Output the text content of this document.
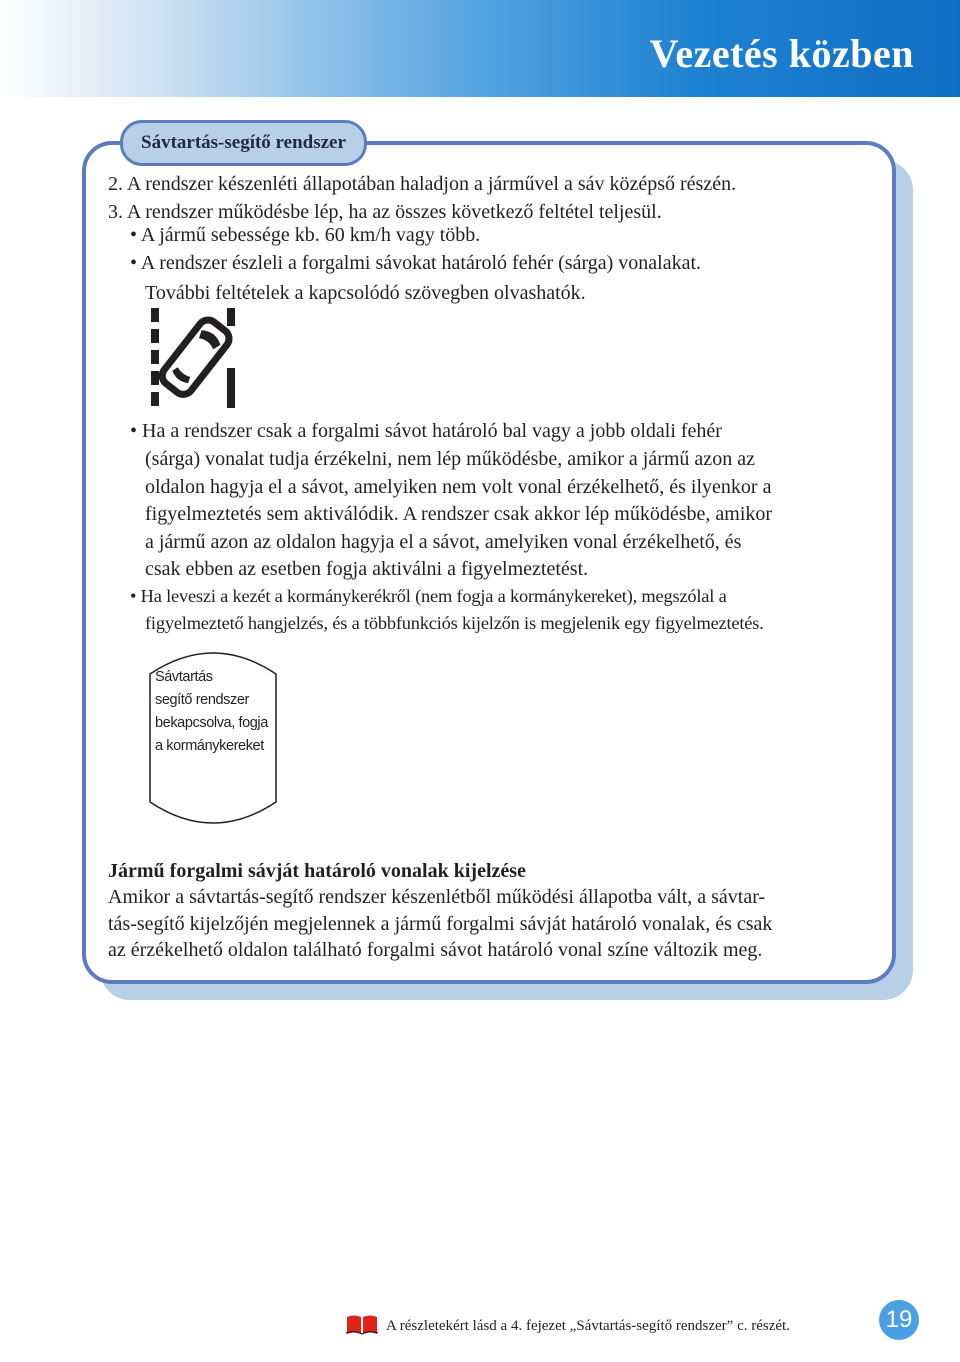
Vezetés közben
Sávtartás-segítő rendszer
2. A rendszer készenléti állapotában haladjon a járművel a sáv középső részén.
3. A rendszer működésbe lép, ha az összes következő feltétel teljesül.
• A jármű sebessége kb. 60 km/h vagy több.
• A rendszer észleli a forgalmi sávokat határoló fehér (sárga) vonalakat.
További feltételek a kapcsolódó szövegben olvashatók.
• Ha a rendszer csak a forgalmi sávot határoló bal vagy a jobb oldali fehér
(sárga) vonalat tudja érzékelni, nem lép működésbe, amikor a jármű azon az
oldalon hagyja el a sávot, amelyiken nem volt vonal érzékelhető, és ilyenkor a
figyelmeztetés sem aktiválódik. A rendszer csak akkor lép működésbe, amikor
a jármű azon az oldalon hagyja el a sávot, amelyiken vonal érzékelhető, és
csak ebben az esetben fogja aktiválni a figyelmeztetést.
• Ha leveszi a kezét a kormánykerékről (nem fogja a kormánykereket), megszólal a
figyelmeztető hangjelzés, és a többfunkciós kijelzőn is megjelenik egy figyelmeztetés.
Sávtartás
segítő rendszer
bekapcsolva, fogja
a kormánykereket
Jármű forgalmi sávját határoló vonalak kijelzése
Amikor a sávtartás-segítő rendszer készenlétből működési állapotba vált, a sávtar-
tás-segítő kijelzőjén megjelennek a jármű forgalmi sávját határoló vonalak, és csak
az érzékelhető oldalon található forgalmi sávot határoló vonal színe változik meg.
A részletekért lásd a 4. fejezet „Sávtartás-segítő rendszer” c. részét.	19
